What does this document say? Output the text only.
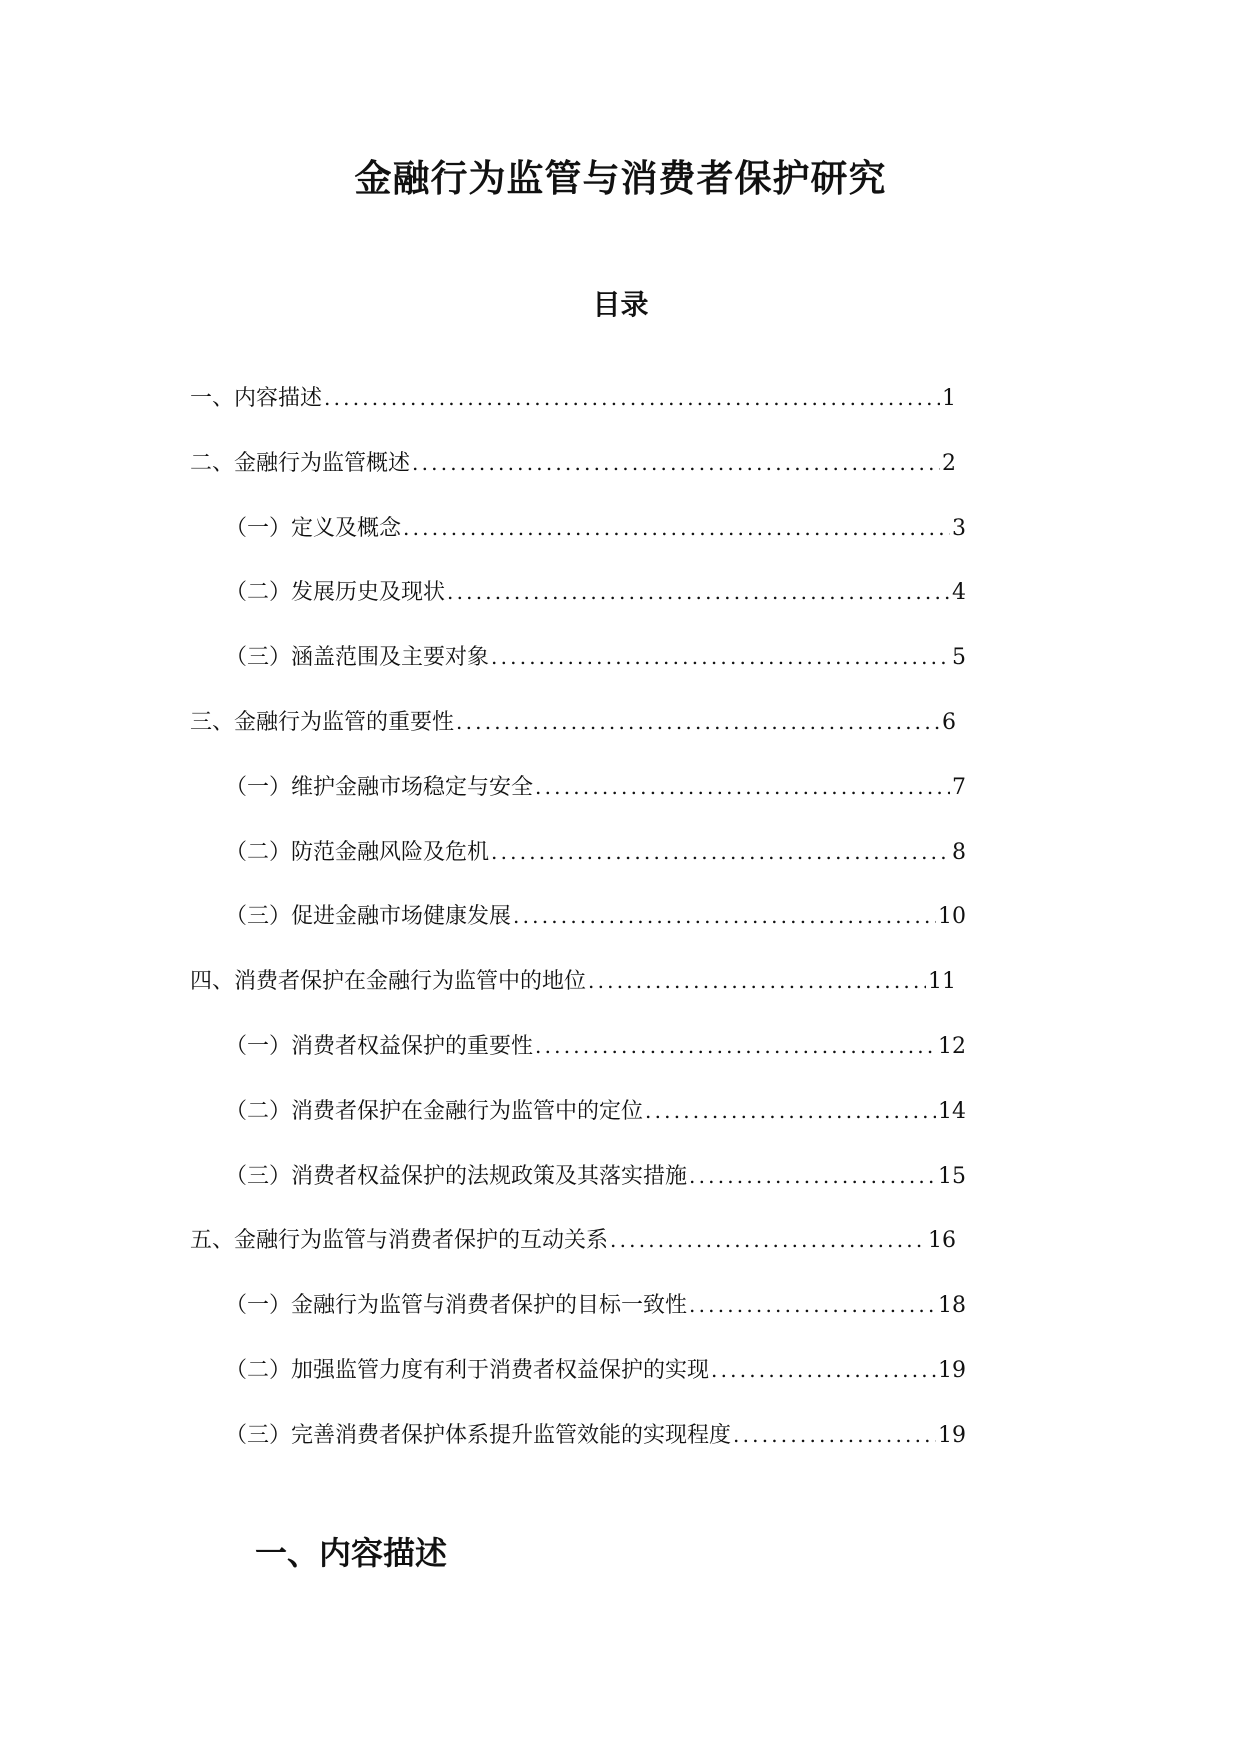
金融行为监管与消费者保护研究
目录
一、内容描述 .....	1
二、金融行为监管概述 .....	2
（一）定义及概念 .....	3
（二）发展历史及现状 .....	4
（三）涵盖范围及主要对象 .....	5
三、金融行为监管的重要性 .....	6
（一）维护金融市场稳定与安全 .....	7
（二）防范金融风险及危机 .....	8
（三）促进金融市场健康发展 .....	10
四、消费者保护在金融行为监管中的地位 .....	11
（一）消费者权益保护的重要性 .....	12
（二）消费者保护在金融行为监管中的定位 .....	14
（三）消费者权益保护的法规政策及其落实措施 .....	15
五、金融行为监管与消费者保护的互动关系 .....	16
（一）金融行为监管与消费者保护的目标一致性 .....	18
（二）加强监管力度有利于消费者权益保护的实现 .....	19
（三）完善消费者保护体系提升监管效能的实现程度 .....	19
一、内容描述
